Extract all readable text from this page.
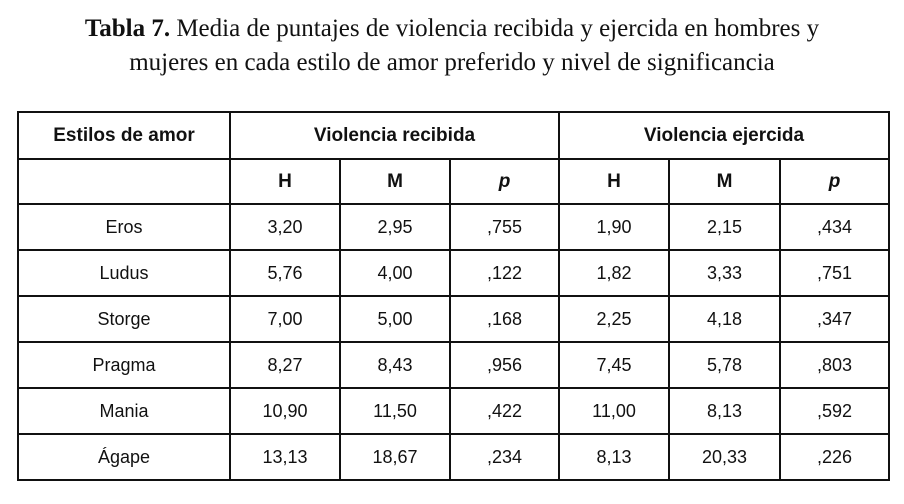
Tabla 7. Media de puntajes de violencia recibida y ejercida en hombres y
mujeres en cada estilo de amor preferido y nivel de significancia
Estilos de amor	Violencia recibida			Violencia ejercida		
	H	M	p	H	M	p
Eros	3,20	2,95	,755	1,90	2,15	,434
Ludus	5,76	4,00	,122	1,82	3,33	,751
Storge	7,00	5,00	,168	2,25	4,18	,347
Pragma	8,27	8,43	,956	7,45	5,78	,803
Mania	10,90	11,50	,422	11,00	8,13	,592
Ágape	13,13	18,67	,234	8,13	20,33	,226
